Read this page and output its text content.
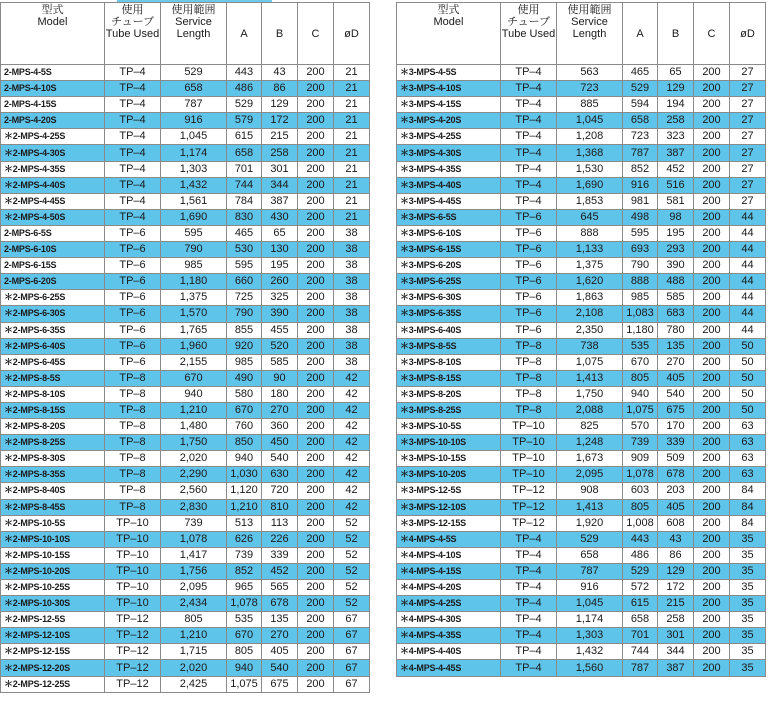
型式
Model	使用
チューブ
Tube Used	使用範囲
Service
Length	A	B	C	øD
2-MPS-4-5S	TP–4	529	443	43	200	21
2-MPS-4-10S	TP–4	658	486	86	200	21
2-MPS-4-15S	TP–4	787	529	129	200	21
2-MPS-4-20S	TP–4	916	579	172	200	21
＊2-MPS-4-25S	TP–4	1,045	615	215	200	21
＊2-MPS-4-30S	TP–4	1,174	658	258	200	21
＊2-MPS-4-35S	TP–4	1,303	701	301	200	21
＊2-MPS-4-40S	TP–4	1,432	744	344	200	21
＊2-MPS-4-45S	TP–4	1,561	784	387	200	21
＊2-MPS-4-50S	TP–4	1,690	830	430	200	21
2-MPS-6-5S	TP–6	595	465	65	200	38
2-MPS-6-10S	TP–6	790	530	130	200	38
2-MPS-6-15S	TP–6	985	595	195	200	38
2-MPS-6-20S	TP–6	1,180	660	260	200	38
＊2-MPS-6-25S	TP–6	1,375	725	325	200	38
＊2-MPS-6-30S	TP–6	1,570	790	390	200	38
＊2-MPS-6-35S	TP–6	1,765	855	455	200	38
＊2-MPS-6-40S	TP–6	1,960	920	520	200	38
＊2-MPS-6-45S	TP–6	2,155	985	585	200	38
＊2-MPS-8-5S	TP–8	670	490	90	200	42
＊2-MPS-8-10S	TP–8	940	580	180	200	42
＊2-MPS-8-15S	TP–8	1,210	670	270	200	42
＊2-MPS-8-20S	TP–8	1,480	760	360	200	42
＊2-MPS-8-25S	TP–8	1,750	850	450	200	42
＊2-MPS-8-30S	TP–8	2,020	940	540	200	42
＊2-MPS-8-35S	TP–8	2,290	1,030	630	200	42
＊2-MPS-8-40S	TP–8	2,560	1,120	720	200	42
＊2-MPS-8-45S	TP–8	2,830	1,210	810	200	42
＊2-MPS-10-5S	TP–10	739	513	113	200	52
＊2-MPS-10-10S	TP–10	1,078	626	226	200	52
＊2-MPS-10-15S	TP–10	1,417	739	339	200	52
＊2-MPS-10-20S	TP–10	1,756	852	452	200	52
＊2-MPS-10-25S	TP–10	2,095	965	565	200	52
＊2-MPS-10-30S	TP–10	2,434	1,078	678	200	52
＊2-MPS-12-5S	TP–12	805	535	135	200	67
＊2-MPS-12-10S	TP–12	1,210	670	270	200	67
＊2-MPS-12-15S	TP–12	1,715	805	405	200	67
＊2-MPS-12-20S	TP–12	2,020	940	540	200	67
＊2-MPS-12-25S	TP–12	2,425	1,075	675	200	67
型式
Model	使用
チューブ
Tube Used	使用範囲
Service
Length	A	B	C	øD
＊3-MPS-4-5S	TP–4	563	465	65	200	27
＊3-MPS-4-10S	TP–4	723	529	129	200	27
＊3-MPS-4-15S	TP–4	885	594	194	200	27
＊3-MPS-4-20S	TP–4	1,045	658	258	200	27
＊3-MPS-4-25S	TP–4	1,208	723	323	200	27
＊3-MPS-4-30S	TP–4	1,368	787	387	200	27
＊3-MPS-4-35S	TP–4	1,530	852	452	200	27
＊3-MPS-4-40S	TP–4	1,690	916	516	200	27
＊3-MPS-4-45S	TP–4	1,853	981	581	200	27
＊3-MPS-6-5S	TP–6	645	498	98	200	44
＊3-MPS-6-10S	TP–6	888	595	195	200	44
＊3-MPS-6-15S	TP–6	1,133	693	293	200	44
＊3-MPS-6-20S	TP–6	1,375	790	390	200	44
＊3-MPS-6-25S	TP–6	1,620	888	488	200	44
＊3-MPS-6-30S	TP–6	1,863	985	585	200	44
＊3-MPS-6-35S	TP–6	2,108	1,083	683	200	44
＊3-MPS-6-40S	TP–6	2,350	1,180	780	200	44
＊3-MPS-8-5S	TP–8	738	535	135	200	50
＊3-MPS-8-10S	TP–8	1,075	670	270	200	50
＊3-MPS-8-15S	TP–8	1,413	805	405	200	50
＊3-MPS-8-20S	TP–8	1,750	940	540	200	50
＊3-MPS-8-25S	TP–8	2,088	1,075	675	200	50
＊3-MPS-10-5S	TP–10	825	570	170	200	63
＊3-MPS-10-10S	TP–10	1,248	739	339	200	63
＊3-MPS-10-15S	TP–10	1,673	909	509	200	63
＊3-MPS-10-20S	TP–10	2,095	1,078	678	200	63
＊3-MPS-12-5S	TP–12	908	603	203	200	84
＊3-MPS-12-10S	TP–12	1,413	805	405	200	84
＊3-MPS-12-15S	TP–12	1,920	1,008	608	200	84
＊4-MPS-4-5S	TP–4	529	443	43	200	35
＊4-MPS-4-10S	TP–4	658	486	86	200	35
＊4-MPS-4-15S	TP–4	787	529	129	200	35
＊4-MPS-4-20S	TP–4	916	572	172	200	35
＊4-MPS-4-25S	TP–4	1,045	615	215	200	35
＊4-MPS-4-30S	TP–4	1,174	658	258	200	35
＊4-MPS-4-35S	TP–4	1,303	701	301	200	35
＊4-MPS-4-40S	TP–4	1,432	744	344	200	35
＊4-MPS-4-45S	TP–4	1,560	787	387	200	35
